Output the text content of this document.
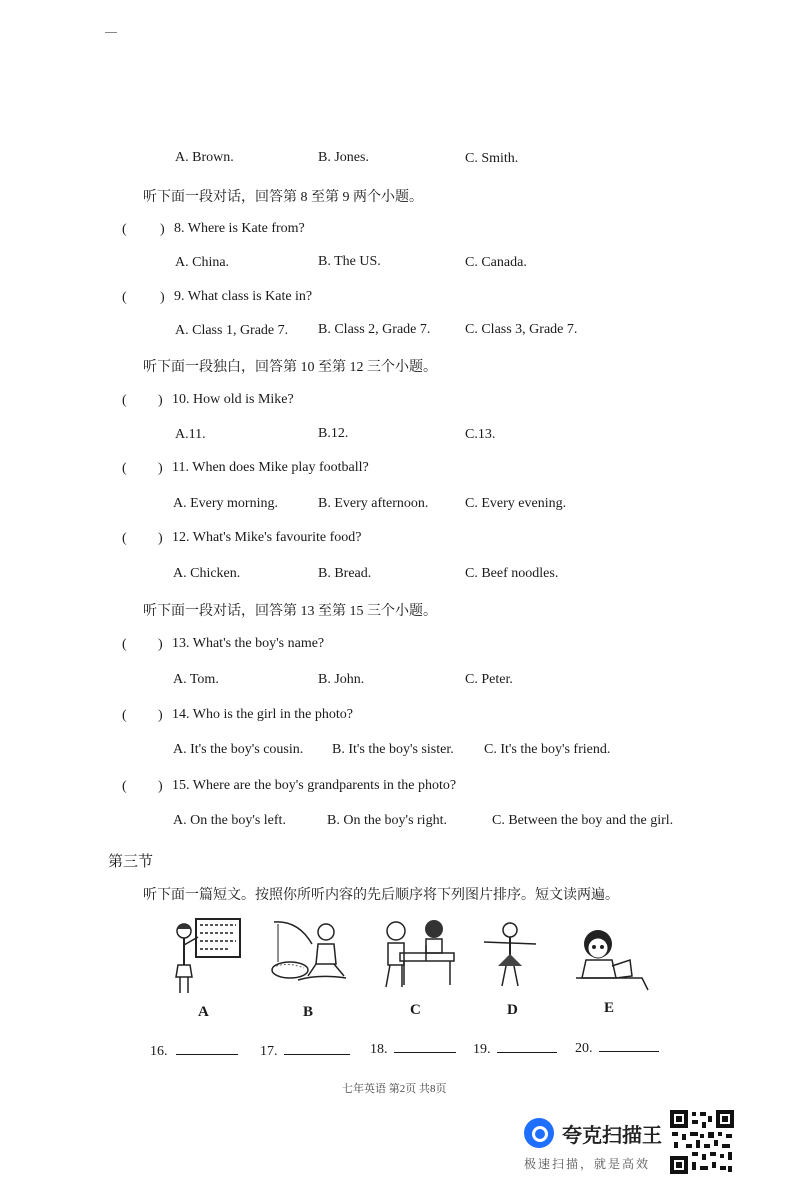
A. Brown.	B. Jones.	C. Smith.
听下面一段对话，回答第 8 至第 9 两个小题。
( ) 8. Where is Kate from?
A. China.	B. The US.	C. Canada.
( ) 9. What class is Kate in?
A. Class 1, Grade 7. B. Class 2, Grade 7. C. Class 3, Grade 7.
听下面一段独白，回答第 10 至第 12 三个小题。
( ) 10. How old is Mike?
A.11.	B.12.	C.13.
( ) 11. When does Mike play football?
A. Every morning.	B. Every afternoon.	C. Every evening.
( ) 12. What's Mike's favourite food?
A. Chicken.	B. Bread.	C. Beef noodles.
听下面一段对话，回答第 13 至第 15 三个小题。
( ) 13. What's the boy's name?
A. Tom.	B. John.	C. Peter.
( ) 14. Who is the girl in the photo?
A. It's the boy's cousin. B. It's the boy's sister. C. It's the boy's friend.
( ) 15. Where are the boy's grandparents in the photo?
A. On the boy's left.	B. On the boy's right.	C. Between the boy and the girl.
第三节
听下面一篇短文。按照你所听内容的先后顺序将下列图片排序。短文读两遍。
A	B	C	D	E
16.	17.	18.	19.	20.
七年英语 第2页 共8页
夸克扫描王
极速扫描，就是高效
